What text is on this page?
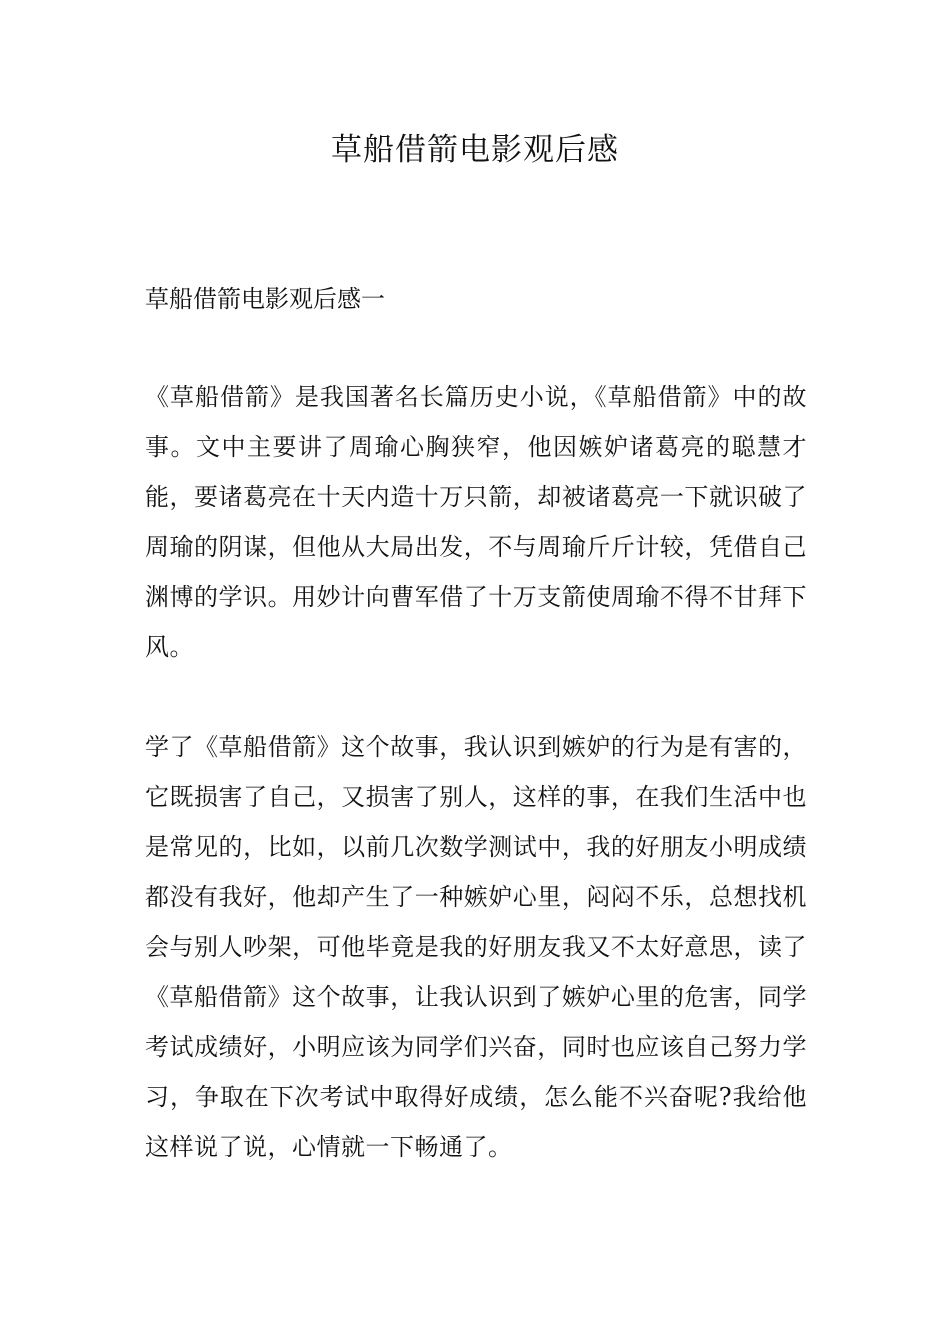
草船借箭电影观后感
草船借箭电影观后感一

《草船借箭》是我国著名长篇历史小说，《草船借箭》中的故事。文中主要讲了周瑜心胸狭窄，他因嫉妒诸葛亮的聪慧才能，要诸葛亮在十天内造十万只箭，却被诸葛亮一下就识破了周瑜的阴谋，但他从大局出发，不与周瑜斤斤计较，凭借自己渊博的学识。用妙计向曹军借了十万支箭使周瑜不得不甘拜下风。

学了《草船借箭》这个故事，我认识到嫉妒的行为是有害的，它既损害了自己，又损害了别人，这样的事，在我们生活中也是常见的，比如，以前几次数学测试中，我的好朋友小明成绩都没有我好，他却产生了一种嫉妒心里，闷闷不乐，总想找机会与别人吵架，可他毕竟是我的好朋友我又不太好意思，读了《草船借箭》这个故事，让我认识到了嫉妒心里的危害，同学考试成绩好，小明应该为同学们兴奋，同时也应该自己努力学习，争取在下次考试中取得好成绩，怎么能不兴奋呢?我给他这样说了说，心情就一下畅通了。
